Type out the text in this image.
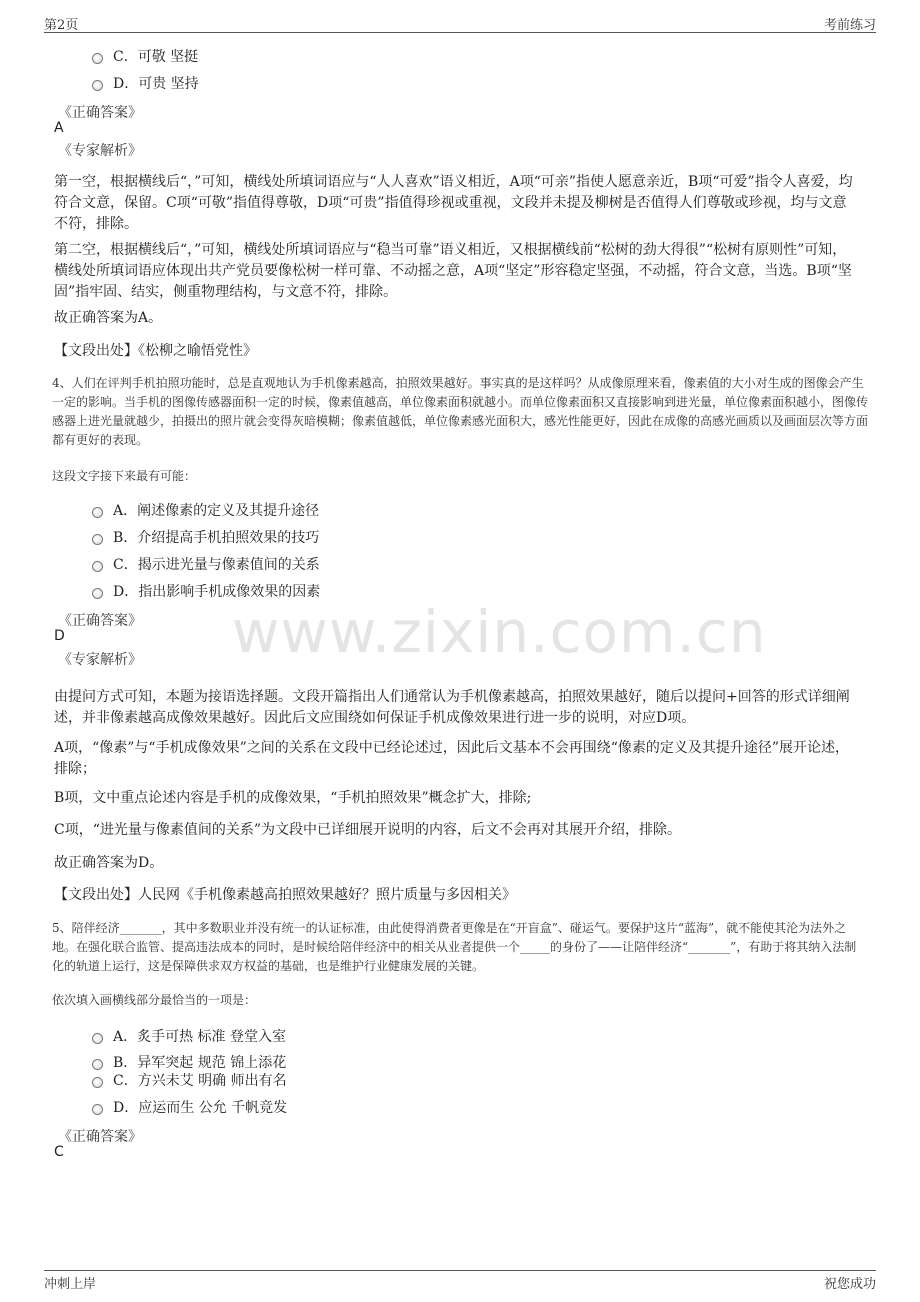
第2页	考前练习
www.zixin.com.cn
C．可敬 坚挺
D．可贵 坚持
《正确答案》
A
《专家解析》
第一空，根据横线后“，”可知，横线处所填词语应与“人人喜欢”语义相近，A项“可亲”指使人愿意亲近，B项“可爱”指令人喜爱，均符合文意，保留。C项“可敬”指值得尊敬，D项“可贵”指值得珍视或重视，文段并未提及柳树是否值得人们尊敬或珍视，均与文意不符，排除。
第二空，根据横线后“，”可知，横线处所填词语应与“稳当可靠”语义相近，又根据横线前“松树的劲大得很”“松树有原则性”可知，横线处所填词语应体现出共产党员要像松树一样可靠、不动摇之意，A项“坚定”形容稳定坚强，不动摇，符合文意，当选。B项“坚固”指牢固、结实，侧重物理结构，与文意不符，排除。
故正确答案为A。
【文段出处】《松柳之喻悟党性》
4、人们在评判手机拍照功能时，总是直观地认为手机像素越高，拍照效果越好。事实真的是这样吗？从成像原理来看，像素值的大小对生成的图像会产生一定的影响。当手机的图像传感器面积一定的时候，像素值越高，单位像素面积就越小。而单位像素面积又直接影响到进光量，单位像素面积越小，图像传感器上进光量就越少，拍摄出的照片就会变得灰暗模糊；像素值越低，单位像素感光面积大，感光性能更好，因此在成像的高感光画质以及画面层次等方面都有更好的表现。
这段文字接下来最有可能：
A．阐述像素的定义及其提升途径
B．介绍提高手机拍照效果的技巧
C．揭示进光量与像素值间的关系
D．指出影响手机成像效果的因素
《正确答案》
D
《专家解析》
由提问方式可知，本题为接语选择题。文段开篇指出人们通常认为手机像素越高，拍照效果越好，随后以提问+回答的形式详细阐述，并非像素越高成像效果越好。因此后文应围绕如何保证手机成像效果进行进一步的说明，对应D项。
A项，“像素”与“手机成像效果”之间的关系在文段中已经论述过，因此后文基本不会再围绕“像素的定义及其提升途径”展开论述，排除；
B项，文中重点论述内容是手机的成像效果，“手机拍照效果”概念扩大，排除;
C项，“进光量与像素值间的关系”为文段中已详细展开说明的内容，后文不会再对其展开介绍，排除。
故正确答案为D。
【文段出处】人民网《手机像素越高拍照效果越好？照片质量与多因相关》
5、陪伴经济_______，其中多数职业并没有统一的认证标准，由此使得消费者更像是在“开盲盒”、碰运气。要保护这片“蓝海”，就不能使其沦为法外之地。在强化联合监管、提高违法成本的同时，是时候给陪伴经济中的相关从业者提供一个_____的身份了——让陪伴经济“_______”，有助于将其纳入法制化的轨道上运行，这是保障供求双方权益的基础，也是维护行业健康发展的关键。
依次填入画横线部分最恰当的一项是：
A．炙手可热 标准 登堂入室
B．异军突起 规范 锦上添花
C．方兴未艾 明确 师出有名
D．应运而生 公允 千帆竞发
《正确答案》
C
冲刺上岸	祝您成功
